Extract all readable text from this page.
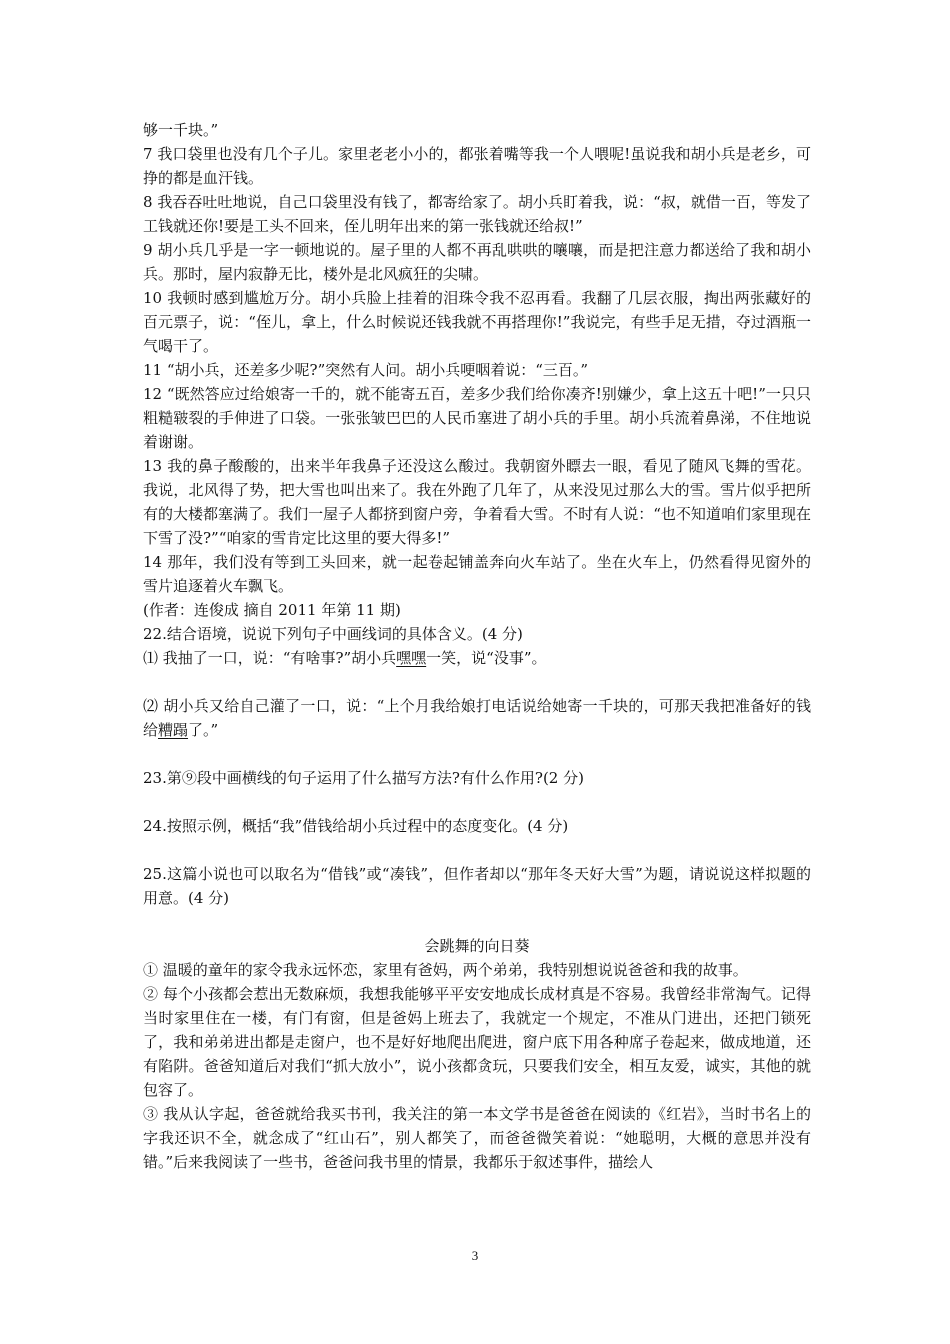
够一千块。”

7 我口袋里也没有几个子儿。家里老老小小的，都张着嘴等我一个人喂呢!虽说我和胡小兵是老乡，可挣的都是血汗钱。

8 我吞吞吐吐地说，自己口袋里没有钱了，都寄给家了。胡小兵盯着我，说：“叔，就借一百，等发了工钱就还你!要是工头不回来，侄儿明年出来的第一张钱就还给叔!”

9 胡小兵几乎是一字一顿地说的。屋子里的人都不再乱哄哄的嚷嚷，而是把注意力都送给了我和胡小兵。那时，屋内寂静无比，楼外是北风疯狂的尖啸。

10 我顿时感到尴尬万分。胡小兵脸上挂着的泪珠令我不忍再看。我翻了几层衣服，掏出两张藏好的百元票子，说：“侄儿，拿上，什么时候说还钱我就不再搭理你!”我说完，有些手足无措，夺过酒瓶一气喝干了。

11 “胡小兵，还差多少呢?”突然有人问。胡小兵哽咽着说：“三百。”

12 “既然答应过给娘寄一千的，就不能寄五百，差多少我们给你凑齐!别嫌少，拿上这五十吧!”一只只粗糙皲裂的手伸进了口袋。一张张皱巴巴的人民币塞进了胡小兵的手里。胡小兵流着鼻涕，不住地说着谢谢。

13 我的鼻子酸酸的，出来半年我鼻子还没这么酸过。我朝窗外瞟去一眼，看见了随风飞舞的雪花。我说，北风得了势，把大雪也叫出来了。我在外跑了几年了，从来没见过那么大的雪。雪片似乎把所有的大楼都塞满了。我们一屋子人都挤到窗户旁，争着看大雪。不时有人说：“也不知道咱们家里现在下雪了没?”“咱家的雪肯定比这里的要大得多!”

14 那年，我们没有等到工头回来，就一起卷起铺盖奔向火车站了。坐在火车上，仍然看得见窗外的雪片追逐着火车飘飞。

(作者：连俊成 摘自 2011 年第 11 期)

22.结合语境，说说下列句子中画线词的具体含义。(4 分)

⑴ 我抽了一口，说：“有啥事?”胡小兵嘿嘿一笑，说“没事”。

⑵ 胡小兵又给自己灌了一口，说：“上个月我给娘打电话说给她寄一千块的，可那天我把准备好的钱给糟蹋了。”

23.第⑨段中画横线的句子运用了什么描写方法?有什么作用?(2 分)

24.按照示例，概括“我”借钱给胡小兵过程中的态度变化。(4 分)

25.这篇小说也可以取名为“借钱”或“凑钱”，但作者却以“那年冬天好大雪”为题，请说说这样拟题的用意。(4 分)

会跳舞的向日葵

① 温暖的童年的家令我永远怀恋，家里有爸妈，两个弟弟，我特别想说说爸爸和我的故事。

② 每个小孩都会惹出无数麻烦，我想我能够平平安安地成长成材真是不容易。我曾经非常淘气。记得当时家里住在一楼，有门有窗，但是爸妈上班去了，我就定一个规定，不准从门进出，还把门锁死了，我和弟弟进出都是走窗户，也不是好好地爬出爬进，窗户底下用各种席子卷起来，做成地道，还有陷阱。爸爸知道后对我们“抓大放小”，说小孩都贪玩，只要我们安全，相互友爱，诚实，其他的就包容了。

③ 我从认字起，爸爸就给我买书刊，我关注的第一本文学书是爸爸在阅读的《红岩》，当时书名上的字我还识不全，就念成了“红山石”，别人都笑了，而爸爸微笑着说：“她聪明，大概的意思并没有错。”后来我阅读了一些书，爸爸问我书里的情景，我都乐于叙述事件，描绘人

3
